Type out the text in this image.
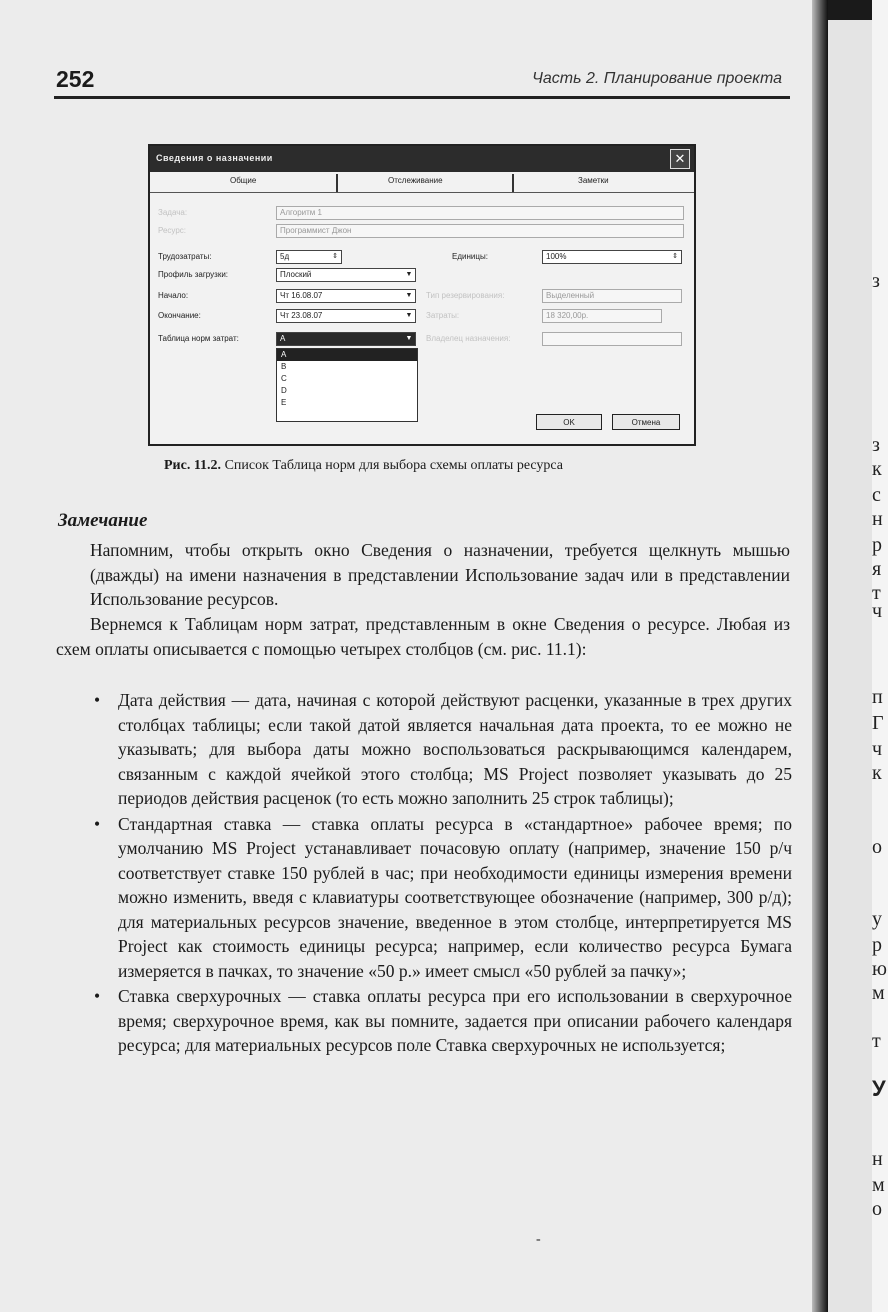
252	Часть 2. Планирование проекта
Сведения о назначении	✕
Общие	Отслеживание	Заметки
Задача:	Алгоритм 1
Ресурс:	Программист Джон
Трудозатраты:	5д	⇕	Единицы:	100%	⇕
Профиль загрузки:	Плоский	▼
Начало:	Чт 16.08.07	▼ Тип резервирования:	Выделенный
Окончание:	Чт 23.08.07	▼ Затраты:	18 320,00р.
Таблица норм затрат:	A	▼ Владелец назначения:
A
B
C
D
E
OK	Отмена
Рис. 11.2. Список Таблица норм для выбора схемы оплаты ресурса
Замечание
Напомним, чтобы открыть окно Сведения о назначении, требуется щелкнуть мышью (дважды) на имени назначения в представлении Использование задач или в представлении Использование ресурсов.
Вернемся к Таблицам норм затрат, представленным в окне Сведения о ресурсе. Любая из схем оплаты описывается с помощью четырех столбцов (см. рис. 11.1):
• Дата действия — дата, начиная с которой действуют расценки, указанные в трех других столбцах таблицы; если такой датой является начальная дата проекта, то ее можно не указывать; для выбора даты можно воспользоваться раскрывающимся календарем, связанным с каждой ячейкой этого столбца; MS Project позволяет указывать до 25 периодов действия расценок (то есть можно заполнить 25 строк таблицы);
• Стандартная ставка — ставка оплаты ресурса в «стандартное» рабочее время; по умолчанию MS Project устанавливает почасовую оплату (например, значение 150 р/ч соответствует ставке 150 рублей в час; при необходимости единицы измерения времени можно изменить, введя с клавиатуры соответствующее обозначение (например, 300 р/д); для материальных ресурсов значение, введенное в этом столбце, интерпретируется MS Project как стоимость единицы ресурса; например, если количество ресурса Бумага измеряется в пачках, то значение «50 р.» имеет смысл «50 рублей за пачку»;
• Ставка сверхурочных — ставка оплаты ресурса при его использовании в сверхурочное время; сверхурочное время, как вы помните, задается при описании рабочего календаря ресурса; для материальных ресурсов поле Ставка сверхурочных не используется;
-
з
з
к
с
н
р
я
т
ч
п
Г
ч
к
о
у
р
ю
м
т
У
н
м
о
